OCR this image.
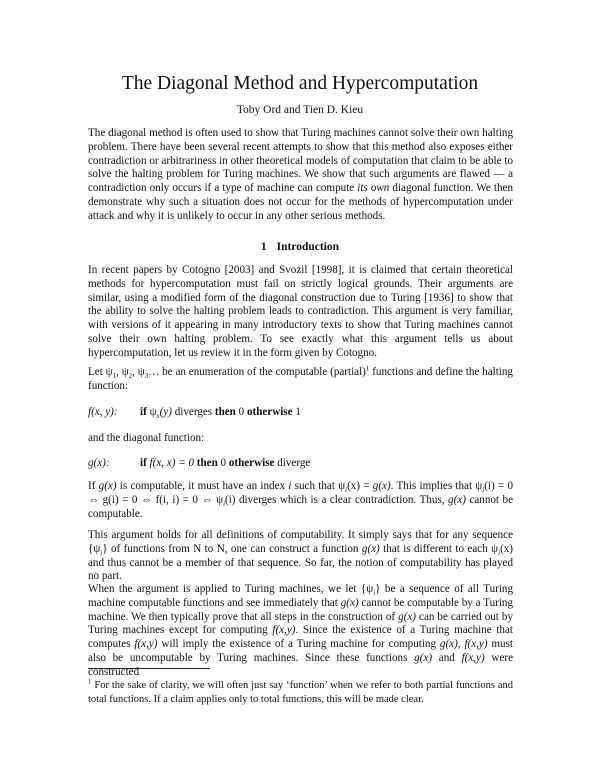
The Diagonal Method and Hypercomputation
Toby Ord and Tien D. Kieu

The diagonal method is often used to show that Turing machines cannot solve their own halting problem. There have been several recent attempts to show that this method also exposes either contradiction or arbitrariness in other theoretical models of computation that claim to be able to solve the halting problem for Turing machines. We show that such arguments are flawed — a contradiction only occurs if a type of machine can compute its own diagonal function. We then demonstrate why such a situation does not occur for the methods of hypercomputation under attack and why it is unlikely to occur in any other serious methods.

1 Introduction

In recent papers by Cotogno [2003] and Svozil [1998], it is claimed that certain theoretical methods for hypercomputation must fail on strictly logical grounds. Their arguments are similar, using a modified form of the diagonal construction due to Turing [1936] to show that the ability to solve the halting problem leads to contradiction. This argument is very familiar, with versions of it appearing in many introductory texts to show that Turing machines cannot solve their own halting problem. To see exactly what this argument tells us about hypercomputation, let us review it in the form given by Cotogno.

Let $\psi_1$, $\psi_2$, $\psi_3\dots$ be an enumeration of the computable (partial)$^1$ functions and define the halting function:

f(x, y): if $\psi_x(y)$ diverges then 0 otherwise 1

and the diagonal function:

g(x):	if f(x, x) = 0 then 0 otherwise diverge

If g(x) is computable, it must have an index i such that $\psi_i(x) = g(x)$. This implies that $\psi_i(i) = 0$ ⇔ g(i) = 0 ⇔ f(i, i) = 0 ⇔ $\psi_i(i)$ diverges which is a clear contradiction. Thus, g(x) cannot be computable.

This argument holds for all definitions of computability. It simply says that for any sequence $\{\psi_i\}$ of functions from N to N, one can construct a function g(x) that is different to each $\psi_i(x)$ and thus cannot be a member of that sequence. So far, the notion of computability has played no part.

When the argument is applied to Turing machines, we let $\{\psi_i\}$ be a sequence of all Turing machine computable functions and see immediately that g(x) cannot be computable by a Turing machine. We then typically prove that all steps in the construction of g(x) can be carried out by Turing machines except for computing f(x,y). Since the existence of a Turing machine that computes f(x,y) will imply the existence of a Turing machine for computing g(x), f(x,y) must also be uncomputable by Turing machines. Since these functions g(x) and f(x,y) were constructed

$^1$ For the sake of clarity, we will often just say ‘function’ when we refer to both partial functions and total functions. If a claim applies only to total functions, this will be made clear.
